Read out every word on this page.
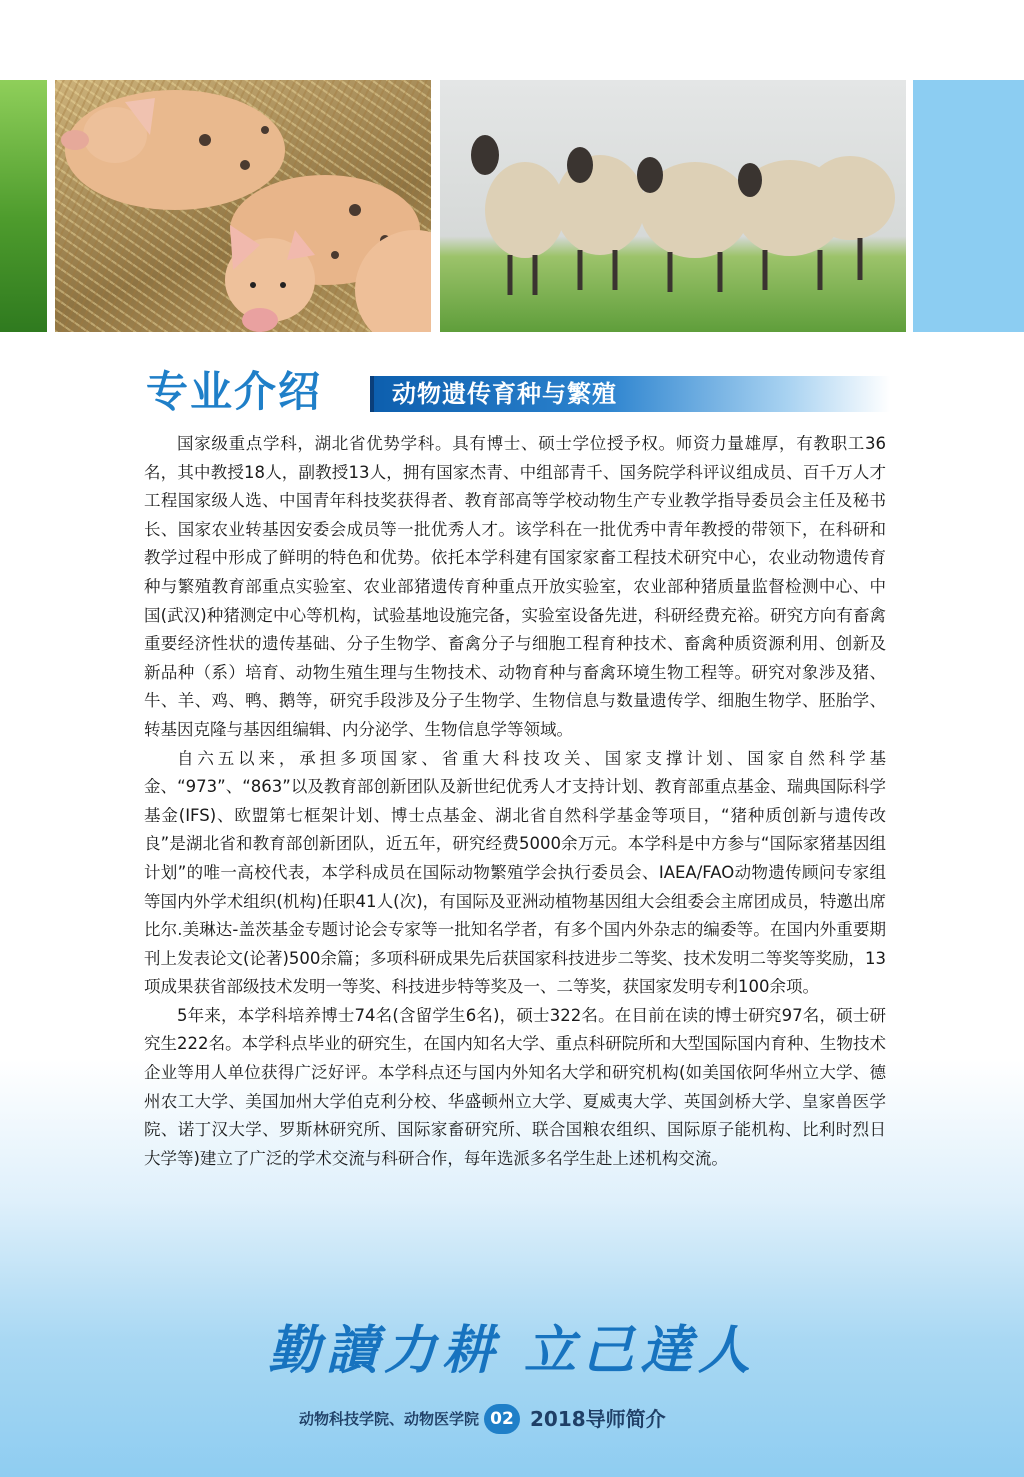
专业介绍	动物遗传育种与繁殖

国家级重点学科，湖北省优势学科。具有博士、硕士学位授予权。师资力量雄厚，有教职工36名，其中教授18人，副教授13人，拥有国家杰青、中组部青千、国务院学科评议组成员、百千万人才工程国家级人选、中国青年科技奖获得者、教育部高等学校动物生产专业教学指导委员会主任及秘书长、国家农业转基因安委会成员等一批优秀人才。该学科在一批优秀中青年教授的带领下，在科研和教学过程中形成了鲜明的特色和优势。依托本学科建有国家家畜工程技术研究中心，农业动物遗传育种与繁殖教育部重点实验室、农业部猪遗传育种重点开放实验室，农业部种猪质量监督检测中心、中国(武汉)种猪测定中心等机构，试验基地设施完备，实验室设备先进，科研经费充裕。研究方向有畜禽重要经济性状的遗传基础、分子生物学、畜禽分子与细胞工程育种技术、畜禽种质资源利用、创新及新品种（系）培育、动物生殖生理与生物技术、动物育种与畜禽环境生物工程等。研究对象涉及猪、牛、羊、鸡、鸭、鹅等，研究手段涉及分子生物学、生物信息与数量遗传学、细胞生物学、胚胎学、转基因克隆与基因组编辑、内分泌学、生物信息学等领域。

自六五以来，承担多项国家、省重大科技攻关、国家支撑计划、国家自然科学基金、“973”、“863”以及教育部创新团队及新世纪优秀人才支持计划、教育部重点基金、瑞典国际科学基金(IFS)、欧盟第七框架计划、博士点基金、湖北省自然科学基金等项目，“猪种质创新与遗传改良”是湖北省和教育部创新团队，近五年，研究经费5000余万元。本学科是中方参与“国际家猪基因组计划”的唯一高校代表，本学科成员在国际动物繁殖学会执行委员会、IAEA/FAO动物遗传顾问专家组等国内外学术组织(机构)任职41人(次)，有国际及亚洲动植物基因组大会组委会主席团成员，特邀出席比尔.美琳达-盖茨基金专题讨论会专家等一批知名学者，有多个国内外杂志的编委等。在国内外重要期刊上发表论文(论著)500余篇；多项科研成果先后获国家科技进步二等奖、技术发明二等奖等奖励，13项成果获省部级技术发明一等奖、科技进步特等奖及一、二等奖，获国家发明专利100余项。

5年来，本学科培养博士74名(含留学生6名)，硕士322名。在目前在读的博士研究97名，硕士研究生222名。本学科点毕业的研究生，在国内知名大学、重点科研院所和大型国际国内育种、生物技术企业等用人单位获得广泛好评。本学科点还与国内外知名大学和研究机构(如美国依阿华州立大学、德州农工大学、美国加州大学伯克利分校、华盛顿州立大学、夏威夷大学、英国剑桥大学、皇家兽医学院、诺丁汉大学、罗斯林研究所、国际家畜研究所、联合国粮农组织、国际原子能机构、比利时烈日大学等)建立了广泛的学术交流与科研合作，每年选派多名学生赴上述机构交流。

勤讀力耕 立己達人
动物科技学院、动物医学院 02 2018导师简介
